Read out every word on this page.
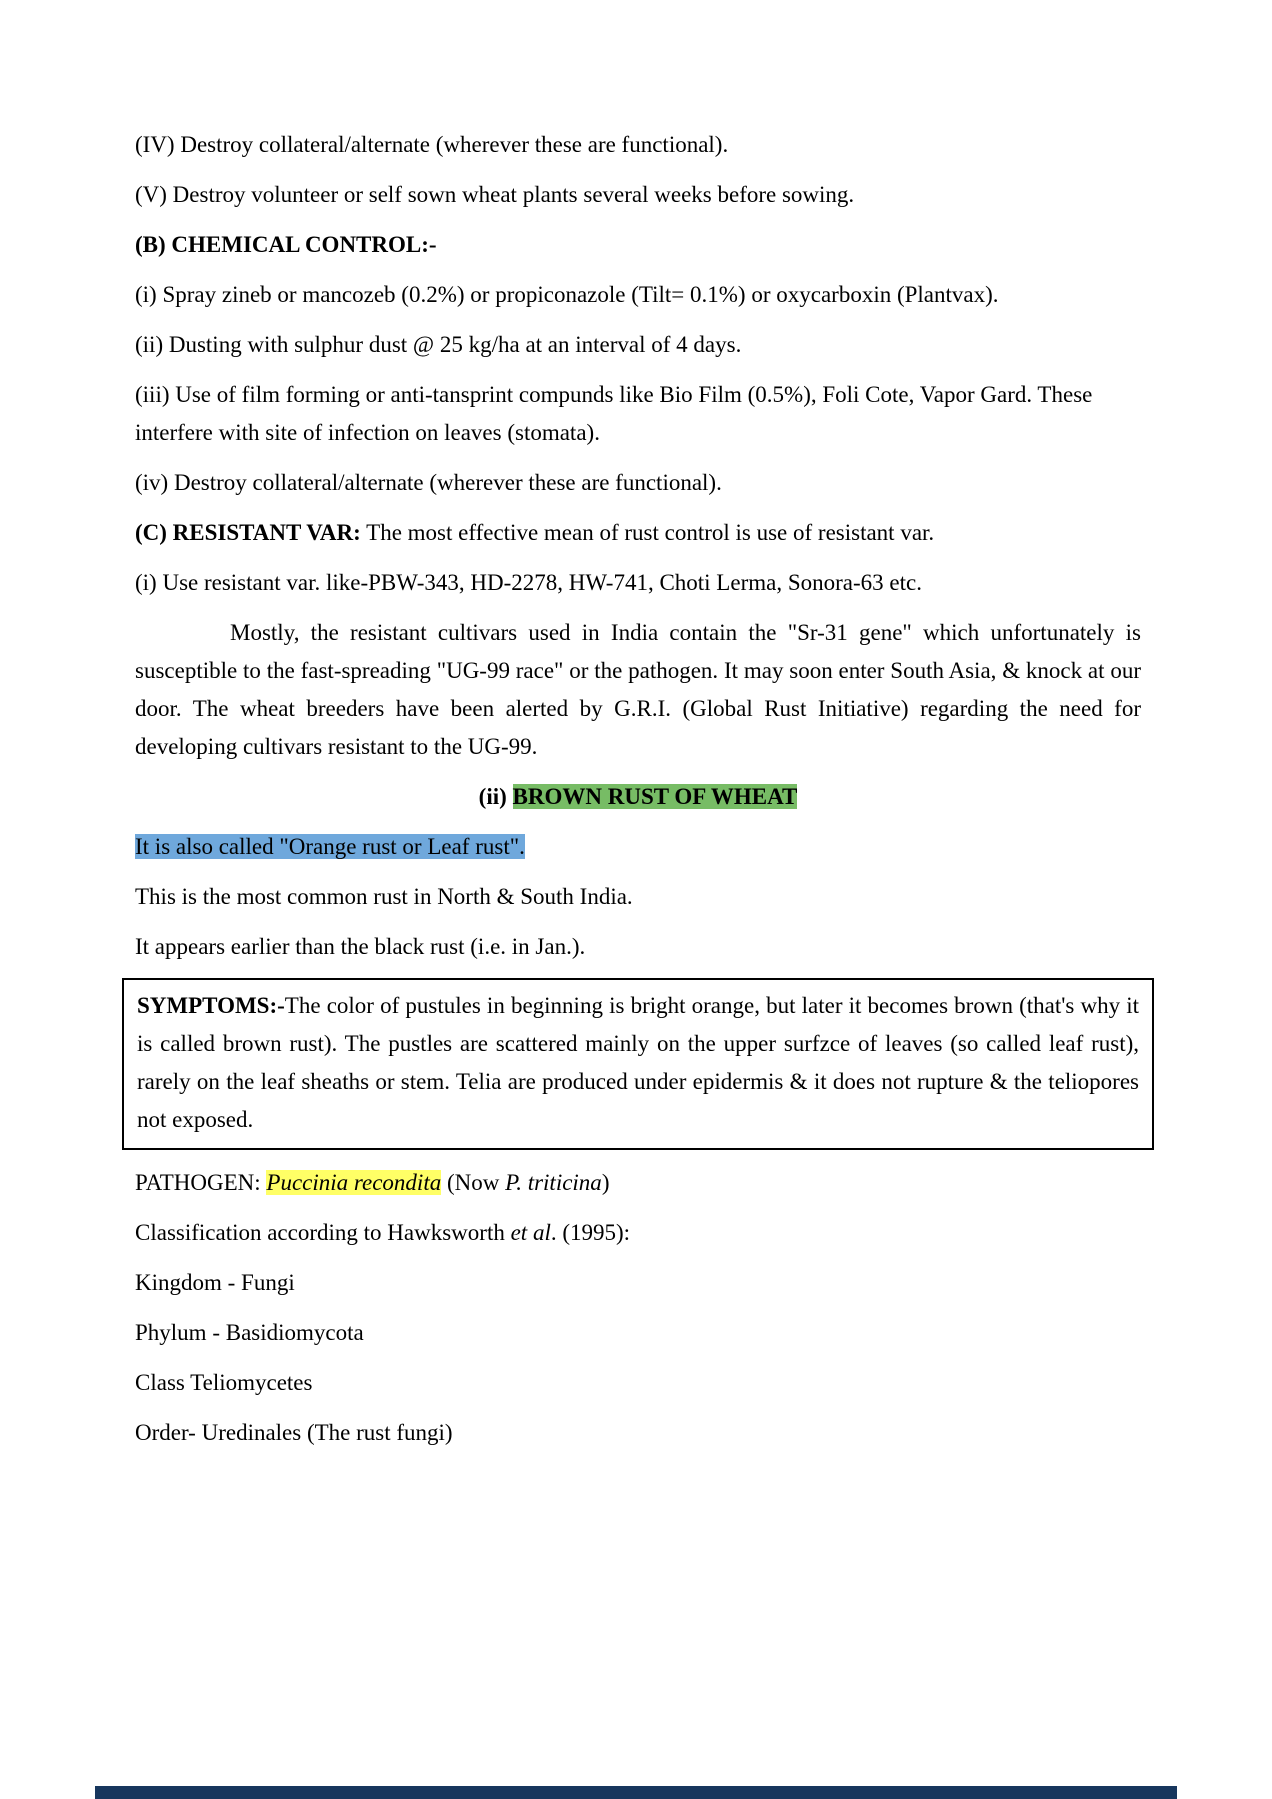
(IV) Destroy collateral/alternate (wherever these are functional).

(V) Destroy volunteer or self sown wheat plants several weeks before sowing.

(B) CHEMICAL CONTROL:-

(i) Spray zineb or mancozeb (0.2%) or propiconazole (Tilt= 0.1%) or oxycarboxin (Plantvax).

(ii) Dusting with sulphur dust @ 25 kg/ha at an interval of 4 days.

(iii) Use of film forming or anti-tansprint compunds like Bio Film (0.5%), Foli Cote, Vapor Gard. These interfere with site of infection on leaves (stomata).

(iv) Destroy collateral/alternate (wherever these are functional).

(C) RESISTANT VAR: The most effective mean of rust control is use of resistant var.

(i) Use resistant var. like-PBW-343, HD-2278, HW-741, Choti Lerma, Sonora-63 etc.

Mostly, the resistant cultivars used in India contain the "Sr-31 gene" which unfortunately is susceptible to the fast-spreading "UG-99 race" or the pathogen. It may soon enter South Asia, & knock at our door. The wheat breeders have been alerted by G.R.I. (Global Rust Initiative) regarding the need for developing cultivars resistant to the UG-99.

(ii) BROWN RUST OF WHEAT

It is also called "Orange rust or Leaf rust".

This is the most common rust in North & South India.

It appears earlier than the black rust (i.e. in Jan.).

SYMPTOMS:-The color of pustules in beginning is bright orange, but later it becomes brown (that's why it is called brown rust). The pustles are scattered mainly on the upper surfzce of leaves (so called leaf rust), rarely on the leaf sheaths or stem. Telia are produced under epidermis & it does not rupture & the teliopores not exposed.

PATHOGEN: Puccinia recondita (Now P. triticina)

Classification according to Hawksworth et al. (1995):

Kingdom - Fungi

Phylum - Basidiomycota

Class Teliomycetes

Order- Uredinales (The rust fungi)
